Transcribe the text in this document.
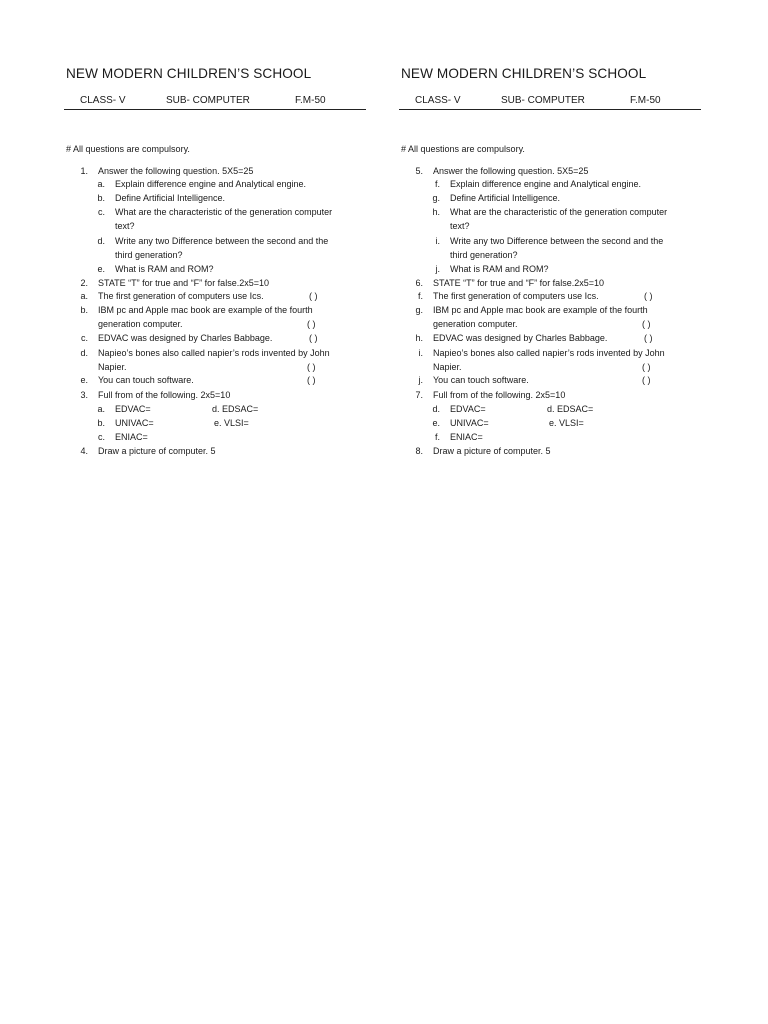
NEW MODERN CHILDREN’S SCHOOL
CLASS- V	SUB- COMPUTER	F.M-50
# All questions are compulsory.
1. Answer the following question. 5X5=25
a. Explain difference engine and Analytical engine.
b. Define Artificial Intelligence.
c. What are the characteristic of the generation computer
text?
d. Write any two Difference between the second and the
third generation?
e. What is RAM and ROM?
2. STATE “T” for true and “F” for false.2x5=10
a. The first generation of computers use Ics.	( )
b. IBM pc and Apple mac book are example of the fourth
generation computer.	( )
c. EDVAC was designed by Charles Babbage.	( )
d. Napieo’s bones also called napier’s rods invented by John
Napier.	( )
e. You can touch software.	( )
3. Full from of the following. 2x5=10
a. EDVAC=	d. EDSAC=
b. UNIVAC=	e. VLSI=
c. ENIAC=
4. Draw a picture of computer. 5
NEW MODERN CHILDREN’S SCHOOL
CLASS- V	SUB- COMPUTER	F.M-50
# All questions are compulsory.
5. Answer the following question. 5X5=25
f. Explain difference engine and Analytical engine.
g. Define Artificial Intelligence.
h. What are the characteristic of the generation computer
text?
i. Write any two Difference between the second and the
third generation?
j. What is RAM and ROM?
6. STATE “T” for true and “F” for false.2x5=10
f. The first generation of computers use Ics.	( )
g. IBM pc and Apple mac book are example of the fourth
generation computer.	( )
h. EDVAC was designed by Charles Babbage.	( )
i. Napieo’s bones also called napier’s rods invented by John
Napier.	( )
j. You can touch software.	( )
7. Full from of the following. 2x5=10
d. EDVAC=	d. EDSAC=
e. UNIVAC=	e. VLSI=
f. ENIAC=
8. Draw a picture of computer. 5
